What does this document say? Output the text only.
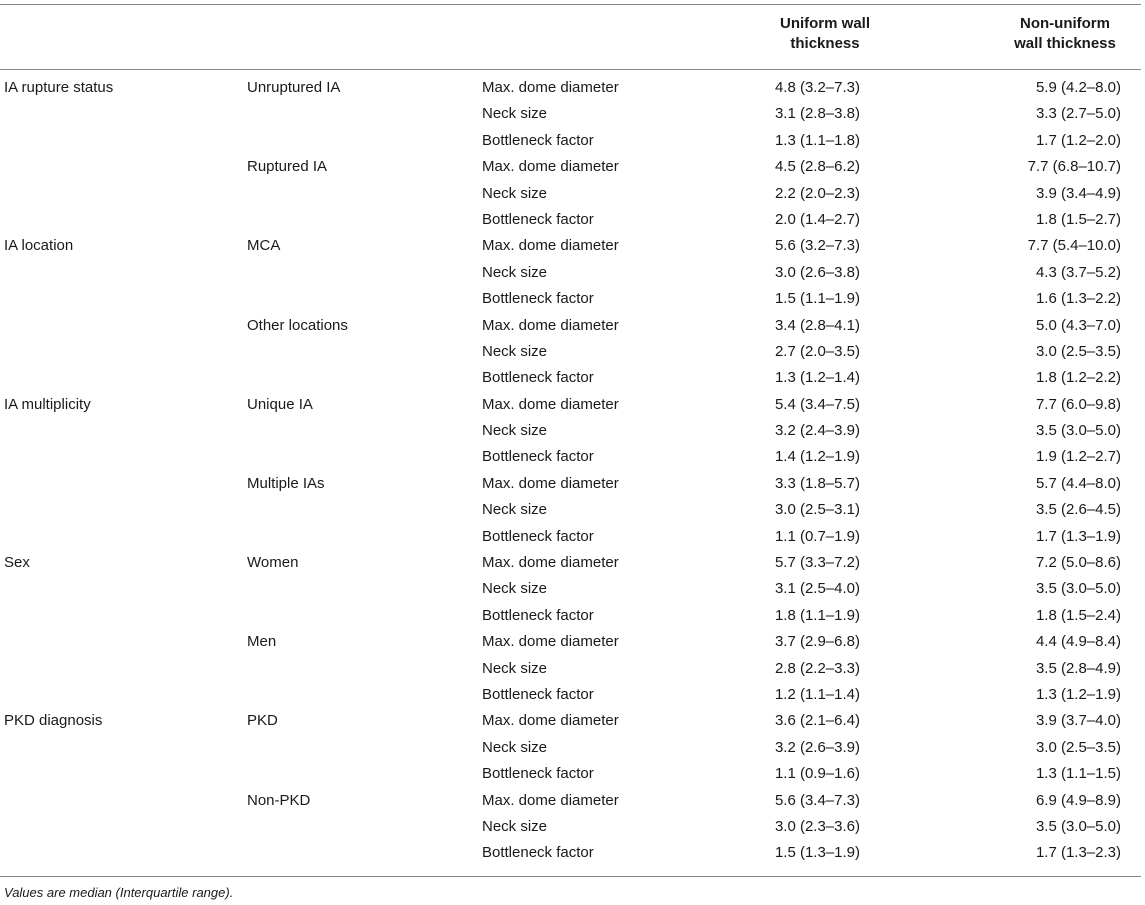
Uniform wall
thickness
Non-uniform
wall thickness
IA rupture status	Unruptured IA	Max. dome diameter	4.8 (3.2–7.3)	5.9 (4.2–8.0)
Neck size	3.1 (2.8–3.8)	3.3 (2.7–5.0)
Bottleneck factor	1.3 (1.1–1.8)	1.7 (1.2–2.0)
Ruptured IA	Max. dome diameter	4.5 (2.8–6.2)	7.7 (6.8–10.7)
Neck size	2.2 (2.0–2.3)	3.9 (3.4–4.9)
Bottleneck factor	2.0 (1.4–2.7)	1.8 (1.5–2.7)
IA location	MCA	Max. dome diameter	5.6 (3.2–7.3)	7.7 (5.4–10.0)
Neck size	3.0 (2.6–3.8)	4.3 (3.7–5.2)
Bottleneck factor	1.5 (1.1–1.9)	1.6 (1.3–2.2)
Other locations	Max. dome diameter	3.4 (2.8–4.1)	5.0 (4.3–7.0)
Neck size	2.7 (2.0–3.5)	3.0 (2.5–3.5)
Bottleneck factor	1.3 (1.2–1.4)	1.8 (1.2–2.2)
IA multiplicity	Unique IA	Max. dome diameter	5.4 (3.4–7.5)	7.7 (6.0–9.8)
Neck size	3.2 (2.4–3.9)	3.5 (3.0–5.0)
Bottleneck factor	1.4 (1.2–1.9)	1.9 (1.2–2.7)
Multiple IAs	Max. dome diameter	3.3 (1.8–5.7)	5.7 (4.4–8.0)
Neck size	3.0 (2.5–3.1)	3.5 (2.6–4.5)
Bottleneck factor	1.1 (0.7–1.9)	1.7 (1.3–1.9)
Sex	Women	Max. dome diameter	5.7 (3.3–7.2)	7.2 (5.0–8.6)
Neck size	3.1 (2.5–4.0)	3.5 (3.0–5.0)
Bottleneck factor	1.8 (1.1–1.9)	1.8 (1.5–2.4)
Men	Max. dome diameter	3.7 (2.9–6.8)	4.4 (4.9–8.4)
Neck size	2.8 (2.2–3.3)	3.5 (2.8–4.9)
Bottleneck factor	1.2 (1.1–1.4)	1.3 (1.2–1.9)
PKD diagnosis	PKD	Max. dome diameter	3.6 (2.1–6.4)	3.9 (3.7–4.0)
Neck size	3.2 (2.6–3.9)	3.0 (2.5–3.5)
Bottleneck factor	1.1 (0.9–1.6)	1.3 (1.1–1.5)
Non-PKD	Max. dome diameter	5.6 (3.4–7.3)	6.9 (4.9–8.9)
Neck size	3.0 (2.3–3.6)	3.5 (3.0–5.0)
Bottleneck factor	1.5 (1.3–1.9)	1.7 (1.3–2.3)
Values are median (Interquartile range).
